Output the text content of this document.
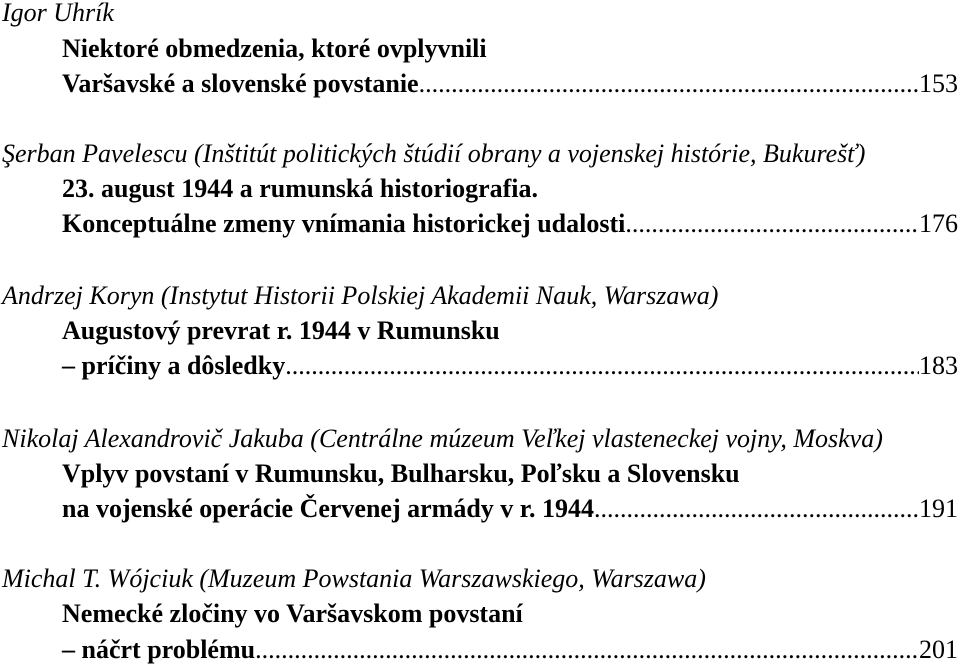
Igor Uhrík
Niektoré obmedzenia, ktoré ovplyvnili
Varšavské a slovenské povstanie .....	153
Şerban Pavelescu (Inštitút politických štúdií obrany a vojenskej histórie, Bukurešť)
23. august 1944 a rumunská historiografia.
Konceptuálne zmeny vnímania historickej udalosti .....	176
Andrzej Koryn (Instytut Historii Polskiej Akademii Nauk, Warszawa)
Augustový prevrat r. 1944 v Rumunsku
– príčiny a dôsledky .....	183
Nikolaj Alexandrovič Jakuba (Centrálne múzeum Veľkej vlasteneckej vojny, Moskva)
Vplyv povstaní v Rumunsku, Bulharsku, Poľsku a Slovensku
na vojenské operácie Červenej armády v r. 1944 .....	191
Michal T. Wójciuk (Muzeum Powstania Warszawskiego, Warszawa)
Nemecké zločiny vo Varšavskom povstaní
– náčrt problému .....	201
